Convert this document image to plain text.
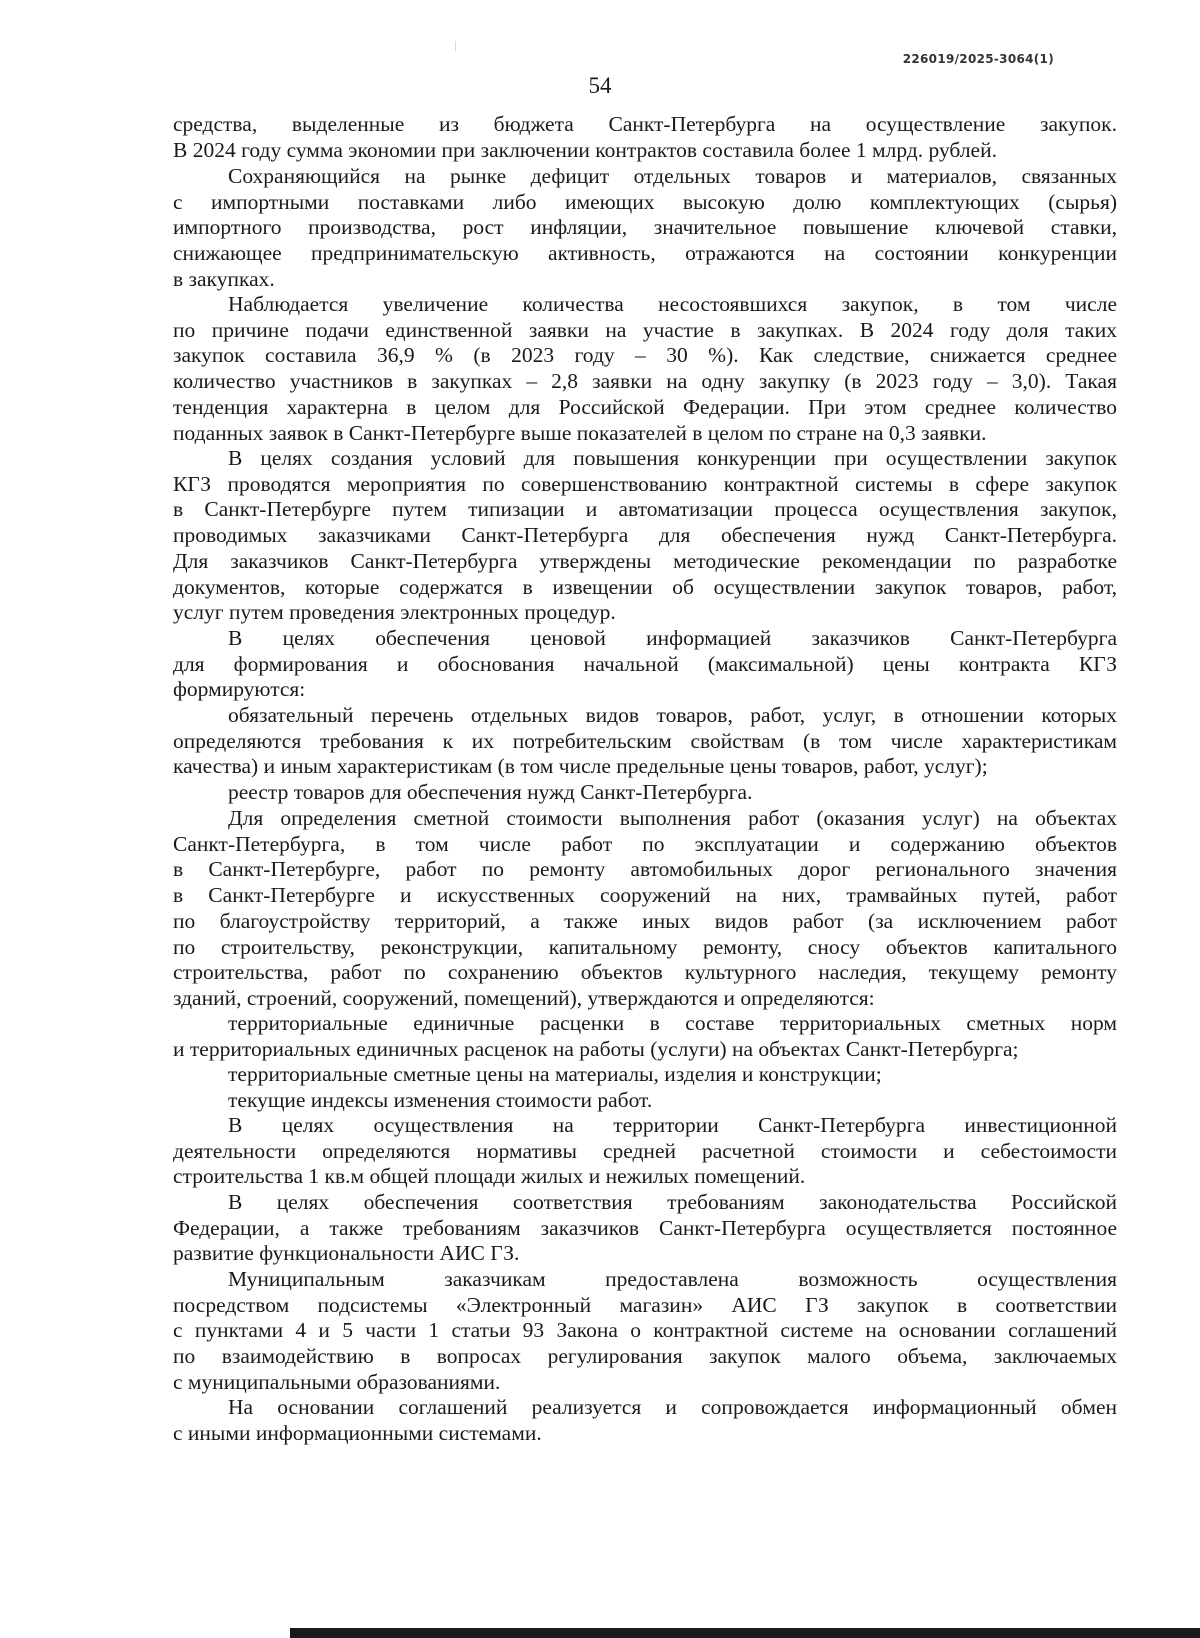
226019/2025-3064(1)
54
средства, выделенные из бюджета Санкт-Петербурга на осуществление закупок.
В 2024 году сумма экономии при заключении контрактов составила более 1 млрд. рублей.
Сохраняющийся на рынке дефицит отдельных товаров и материалов, связанных
с импортными поставками либо имеющих высокую долю комплектующих (сырья)
импортного производства, рост инфляции, значительное повышение ключевой ставки,
снижающее предпринимательскую активность, отражаются на состоянии конкуренции
в закупках.
Наблюдается увеличение количества несостоявшихся закупок, в том числе
по причине подачи единственной заявки на участие в закупках. В 2024 году доля таких
закупок составила 36,9 % (в 2023 году – 30 %). Как следствие, снижается среднее
количество участников в закупках – 2,8 заявки на одну закупку (в 2023 году – 3,0). Такая
тенденция характерна в целом для Российской Федерации. При этом среднее количество
поданных заявок в Санкт-Петербурге выше показателей в целом по стране на 0,3 заявки.
В целях создания условий для повышения конкуренции при осуществлении закупок
КГЗ проводятся мероприятия по совершенствованию контрактной системы в сфере закупок
в Санкт-Петербурге путем типизации и автоматизации процесса осуществления закупок,
проводимых заказчиками Санкт-Петербурга для обеспечения нужд Санкт-Петербурга.
Для заказчиков Санкт-Петербурга утверждены методические рекомендации по разработке
документов, которые содержатся в извещении об осуществлении закупок товаров, работ,
услуг путем проведения электронных процедур.
В целях обеспечения ценовой информацией заказчиков Санкт-Петербурга
для формирования и обоснования начальной (максимальной) цены контракта КГЗ
формируются:
обязательный перечень отдельных видов товаров, работ, услуг, в отношении которых
определяются требования к их потребительским свойствам (в том числе характеристикам
качества) и иным характеристикам (в том числе предельные цены товаров, работ, услуг);
реестр товаров для обеспечения нужд Санкт-Петербурга.
Для определения сметной стоимости выполнения работ (оказания услуг) на объектах
Санкт-Петербурга, в том числе работ по эксплуатации и содержанию объектов
в Санкт-Петербурге, работ по ремонту автомобильных дорог регионального значения
в Санкт-Петербурге и искусственных сооружений на них, трамвайных путей, работ
по благоустройству территорий, а также иных видов работ (за исключением работ
по строительству, реконструкции, капитальному ремонту, сносу объектов капитального
строительства, работ по сохранению объектов культурного наследия, текущему ремонту
зданий, строений, сооружений, помещений), утверждаются и определяются:
территориальные единичные расценки в составе территориальных сметных норм
и территориальных единичных расценок на работы (услуги) на объектах Санкт-Петербурга;
территориальные сметные цены на материалы, изделия и конструкции;
текущие индексы изменения стоимости работ.
В целях осуществления на территории Санкт-Петербурга инвестиционной
деятельности определяются нормативы средней расчетной стоимости и себестоимости
строительства 1 кв.м общей площади жилых и нежилых помещений.
В целях обеспечения соответствия требованиям законодательства Российской
Федерации, а также требованиям заказчиков Санкт-Петербурга осуществляется постоянное
развитие функциональности АИС ГЗ.
Муниципальным заказчикам предоставлена возможность осуществления
посредством подсистемы «Электронный магазин» АИС ГЗ закупок в соответствии
с пунктами 4 и 5 части 1 статьи 93 Закона о контрактной системе на основании соглашений
по взаимодействию в вопросах регулирования закупок малого объема, заключаемых
с муниципальными образованиями.
На основании соглашений реализуется и сопровождается информационный обмен
с иными информационными системами.
